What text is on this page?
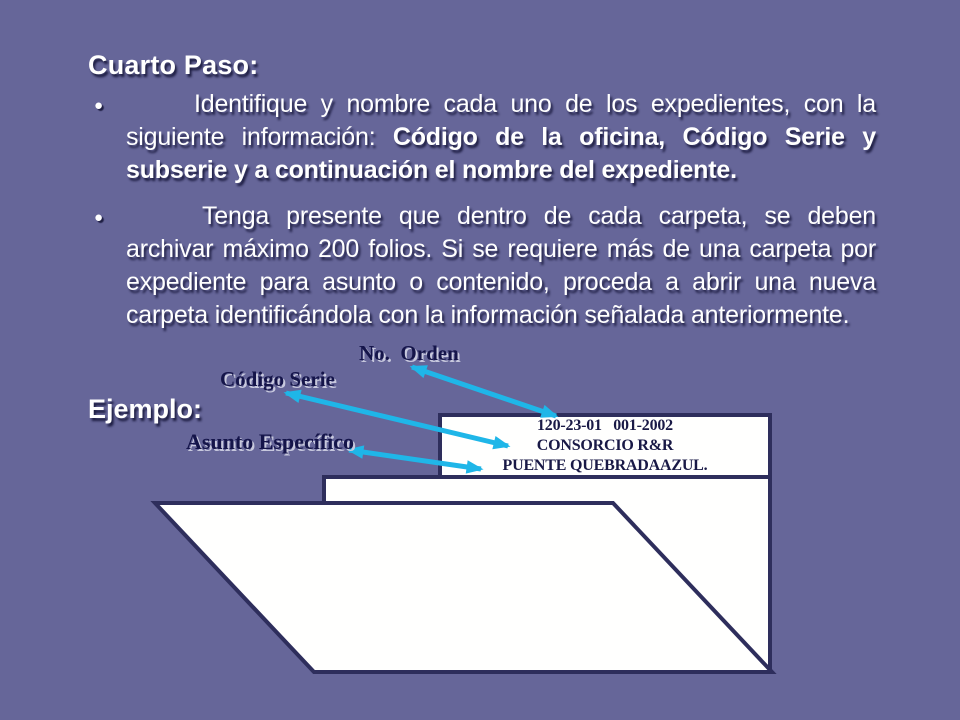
120-23-01   001-2002
CONSORCIO R&R
PUENTE QUEBRADAAZUL.
Cuarto Paso:
●	Identifique y nombre cada uno de los expedientes, con la siguiente información: Código de la oficina, Código Serie y subserie y a continuación el nombre del expediente.
●	Tenga presente que dentro de cada carpeta, se deben archivar máximo 200 folios. Si se requiere más de una carpeta por expediente para asunto o contenido, proceda a abrir una nueva carpeta identificándola con la información señalada anteriormente.
Ejemplo:
No.  Orden
Código Serie
Asunto Específico
